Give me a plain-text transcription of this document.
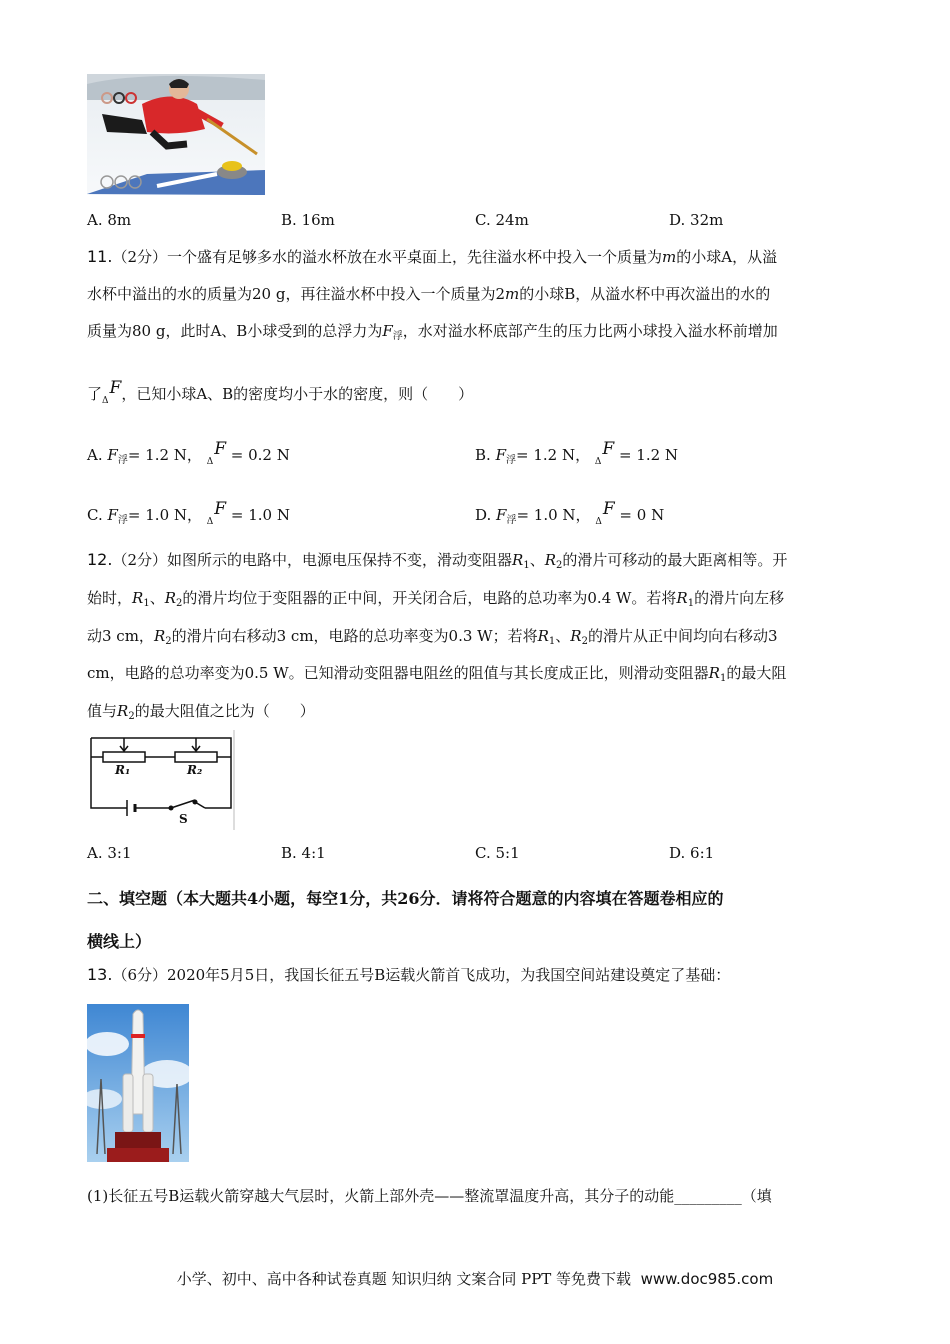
A. 8m	B. 16m	C. 24m	D. 32m
11.（2分）一个盛有足够多水的溢水杯放在水平桌面上，先往溢水杯中投入一个质量为m的小球A，从溢
水杯中溢出的水的质量为20 g，再往溢水杯中投入一个质量为2m的小球B，从溢水杯中再次溢出的水的
质量为80 g，此时A、B小球受到的总浮力为$F_浮$，水对溢水杯底部产生的压力比两小球投入溢水杯前增加
了$_\Delta$F，已知小球A、B的密度均小于水的密度，则（　　）
A. $F_浮= 1.2$ N， $_\Delta$F = 0.2 N	B. $F_浮= 1.2$ N， $_\Delta$F = 1.2 N
C. $F_浮= 1.0$ N， $_\Delta$F = 1.0 N	D. $F_浮= 1.0$ N， $_\Delta$F = 0 N
12.（2分）如图所示的电路中，电源电压保持不变，滑动变阻器$R_1$、$R_2$的滑片可移动的最大距离相等。开
始时，$R_1$、$R_2$的滑片均位于变阻器的正中间，开关闭合后，电路的总功率为0.4 W。若将$R_1$的滑片向左移
动3 cm，$R_2$的滑片向右移动3 cm，电路的总功率变为0.3 W；若将$R_1$、$R_2$的滑片从正中间均向右移动3
cm，电路的总功率变为0.5 W。已知滑动变阻器电阻丝的阻值与其长度成正比，则滑动变阻器$R_1$的最大阻
值与$R_2$的最大阻值之比为（　　）
R₁	R₂
S
A. 3:1	B. 4:1	C. 5:1	D. 6:1
二、填空题（本大题共4小题，每空1分，共26分．请将符合题意的内容填在答题卷相应的
横线上）
13.（6分）2020年5月5日，我国长征五号B运载火箭首飞成功，为我国空间站建设奠定了基础：
(1)长征五号B运载火箭穿越大气层时，火箭上部外壳——整流罩温度升高，其分子的动能_________（填
小学、初中、高中各种试卷真题 知识归纳 文案合同 PPT 等免费下载 www.doc985.com
